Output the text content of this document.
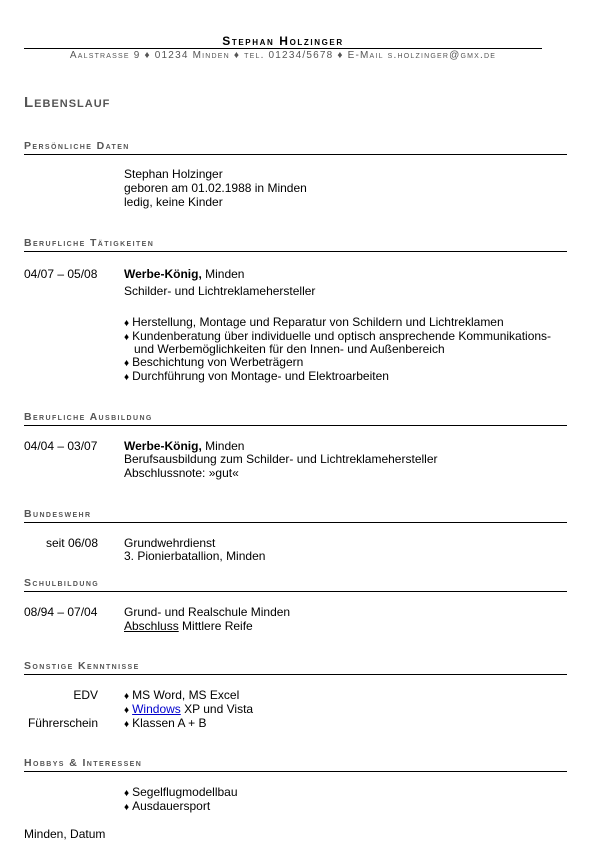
Stephan Holzinger
Aalstrasse 9 ♦ 01234 Minden ♦ tel. 01234/5678 ♦ E-Mail s.holzinger@gmx.de
Lebenslauf
Persönliche Daten
Stephan Holzinger
geboren am 01.02.1988 in Minden
ledig, keine Kinder
Berufliche Tätigkeiten
04/07 – 05/08 Werbe-König, Minden
Schilder- und Lichtreklamehersteller
♦ Herstellung, Montage und Reparatur von Schildern und Lichtreklamen
♦ Kundenberatung über individuelle und optisch ansprechende Kommunikations-
und Werbemöglichkeiten für den Innen- und Außenbereich
♦ Beschichtung von Werbeträgern
♦ Durchführung von Montage- und Elektroarbeiten
Berufliche Ausbildung
04/04 – 03/07 Werbe-König, Minden
Berufsausbildung zum Schilder- und Lichtreklamehersteller
Abschlussnote: »gut«
Bundeswehr
seit 06/08 Grundwehrdienst
3. Pionierbatallion, Minden
Schulbildung
08/94 – 07/04 Grund- und Realschule Minden
Abschluss Mittlere Reife
Sonstige Kenntnisse
EDV	♦ MS Word, MS Excel
♦ Windows XP und Vista
Führerschein	♦ Klassen A + B
Hobbys & Interessen
♦ Segelflugmodellbau
♦ Ausdauersport
Minden, Datum
